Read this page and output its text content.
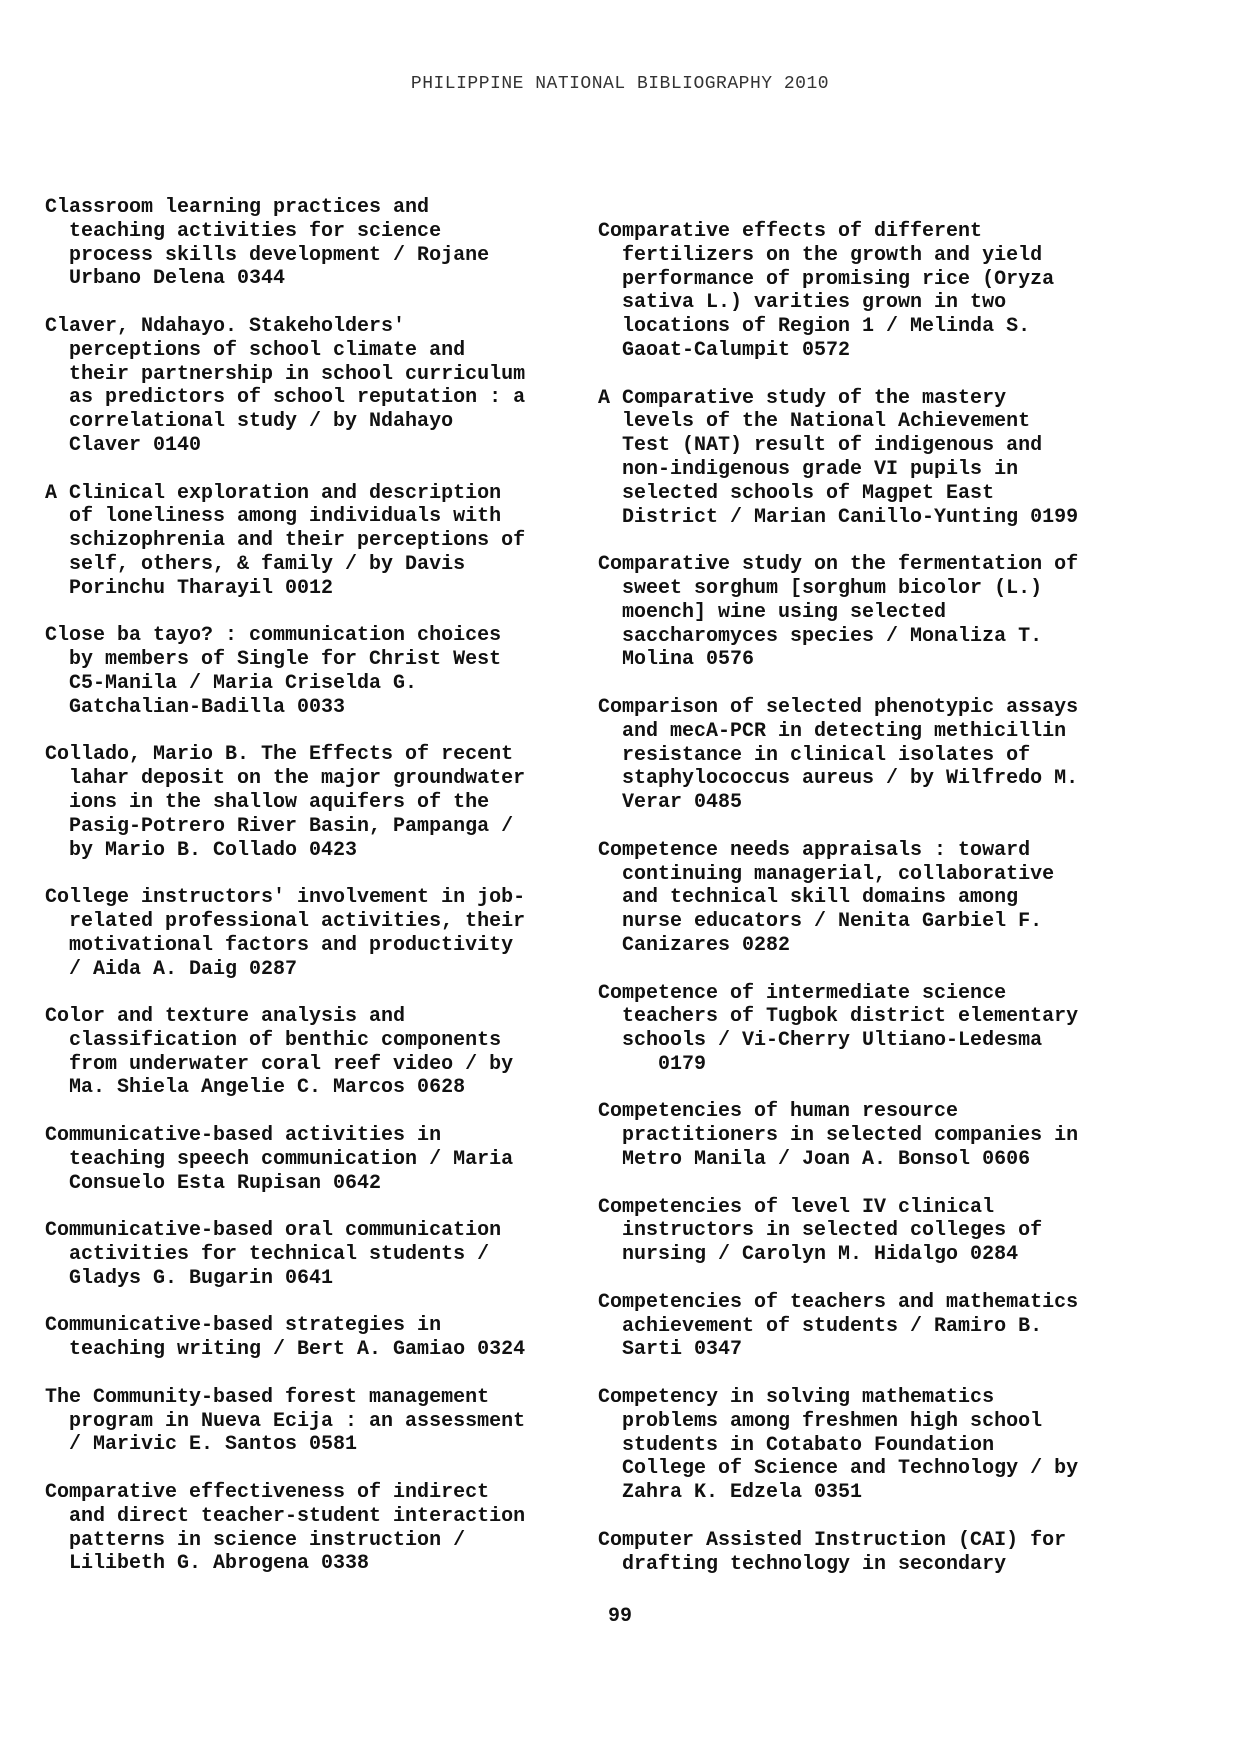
PHILIPPINE NATIONAL BIBLIOGRAPHY 2010

Classroom learning practices and
teaching activities for science
process skills development / Rojane
Urbano Delena 0344

Claver, Ndahayo. Stakeholders'
perceptions of school climate and
their partnership in school curriculum
as predictors of school reputation : a
correlational study / by Ndahayo
Claver 0140

A Clinical exploration and description
of loneliness among individuals with
schizophrenia and their perceptions of
self, others, & family / by Davis
Porinchu Tharayil 0012

Close ba tayo? : communication choices
by members of Single for Christ West
C5-Manila / Maria Criselda G.
Gatchalian-Badilla 0033

Collado, Mario B. The Effects of recent
lahar deposit on the major groundwater
ions in the shallow aquifers of the
Pasig-Potrero River Basin, Pampanga /
by Mario B. Collado 0423

College instructors' involvement in job-
related professional activities, their
motivational factors and productivity
/ Aida A. Daig 0287

Color and texture analysis and
classification of benthic components
from underwater coral reef video / by
Ma. Shiela Angelie C. Marcos 0628

Communicative-based activities in
teaching speech communication / Maria
Consuelo Esta Rupisan 0642

Communicative-based oral communication
activities for technical students /
Gladys G. Bugarin 0641

Communicative-based strategies in
teaching writing / Bert A. Gamiao 0324

The Community-based forest management
program in Nueva Ecija : an assessment
/ Marivic E. Santos 0581

Comparative effectiveness of indirect
and direct teacher-student interaction
patterns in science instruction /
Lilibeth G. Abrogena 0338

Comparative effects of different
fertilizers on the growth and yield
performance of promising rice (Oryza
sativa L.) varities grown in two
locations of Region 1 / Melinda S.
Gaoat-Calumpit 0572

A Comparative study of the mastery
levels of the National Achievement
Test (NAT) result of indigenous and
non-indigenous grade VI pupils in
selected schools of Magpet East
District / Marian Canillo-Yunting 0199

Comparative study on the fermentation of
sweet sorghum [sorghum bicolor (L.)
moench] wine using selected
saccharomyces species / Monaliza T.
Molina 0576

Comparison of selected phenotypic assays
and mecA-PCR in detecting methicillin
resistance in clinical isolates of
staphylococcus aureus / by Wilfredo M.
Verar 0485

Competence needs appraisals : toward
continuing managerial, collaborative
and technical skill domains among
nurse educators / Nenita Garbiel F.
Canizares 0282

Competence of intermediate science
teachers of Tugbok district elementary
schools / Vi-Cherry Ultiano-Ledesma
0179

Competencies of human resource
practitioners in selected companies in
Metro Manila / Joan A. Bonsol 0606

Competencies of level IV clinical
instructors in selected colleges of
nursing / Carolyn M. Hidalgo 0284

Competencies of teachers and mathematics
achievement of students / Ramiro B.
Sarti 0347

Competency in solving mathematics
problems among freshmen high school
students in Cotabato Foundation
College of Science and Technology / by
Zahra K. Edzela 0351

Computer Assisted Instruction (CAI) for
drafting technology in secondary

99
